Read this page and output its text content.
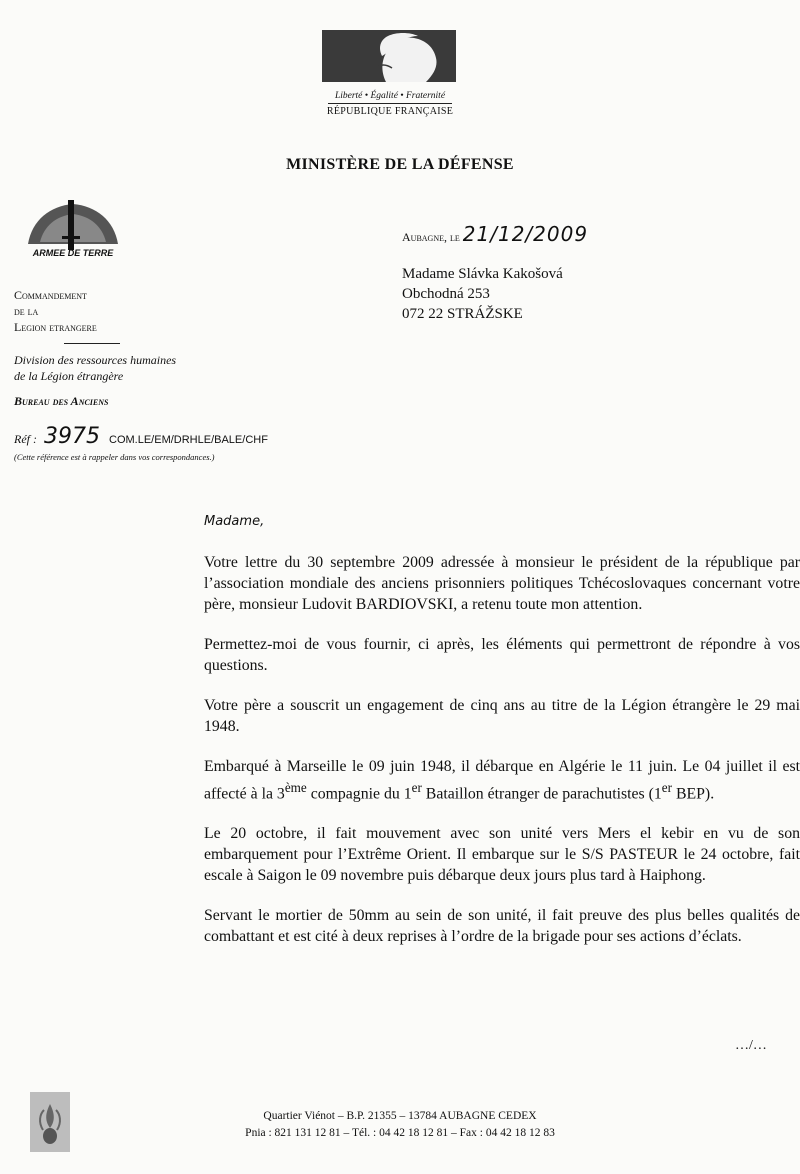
Liberté • Égalité • Fraternité
RÉPUBLIQUE FRANÇAISE
MINISTÈRE DE LA DÉFENSE
ARMEE DE TERRE
Commandement
de la
Legion etrangere
Division des ressources humaines
de la Légion étrangère
Bureau des Anciens
Réf : 3975 COM.LE/EM/DRHLE/BALE/CHF
(Cette référence est à rappeler dans vos correspondances.)
Aubagne, le 21/12/2009
Madame Slávka Kakošová
Obchodná 253
072 22 STRÁŽSKE
Madame,

Votre lettre du 30 septembre 2009 adressée à monsieur le président de la république par l’association mondiale des anciens prisonniers politiques Tchécoslovaques concernant votre père, monsieur Ludovit BARDIOVSKI, a retenu toute mon attention.

Permettez-moi de vous fournir, ci après, les éléments qui permettront de répondre à vos questions.

Votre père a souscrit un engagement de cinq ans au titre de la Légion étrangère le 29 mai 1948.

Embarqué à Marseille le 09 juin 1948, il débarque en Algérie le 11 juin. Le 04 juillet il est affecté à la 3ème compagnie du 1er Bataillon étranger de parachutistes (1er BEP).

Le 20 octobre, il fait mouvement avec son unité vers Mers el kebir en vu de son embarquement pour l’Extrême Orient. Il embarque sur le S/S PASTEUR le 24 octobre, fait escale à Saigon le 09 novembre puis débarque deux jours plus tard à Haiphong.

Servant le mortier de 50mm au sein de son unité, il fait preuve des plus belles qualités de combattant et est cité à deux reprises à l’ordre de la brigade pour ses actions d’éclats.

…/…
Quartier Viénot – B.P. 21355 – 13784 AUBAGNE CEDEX
Pnia : 821 131 12 81 – Tél. : 04 42 18 12 81 – Fax : 04 42 18 12 83
